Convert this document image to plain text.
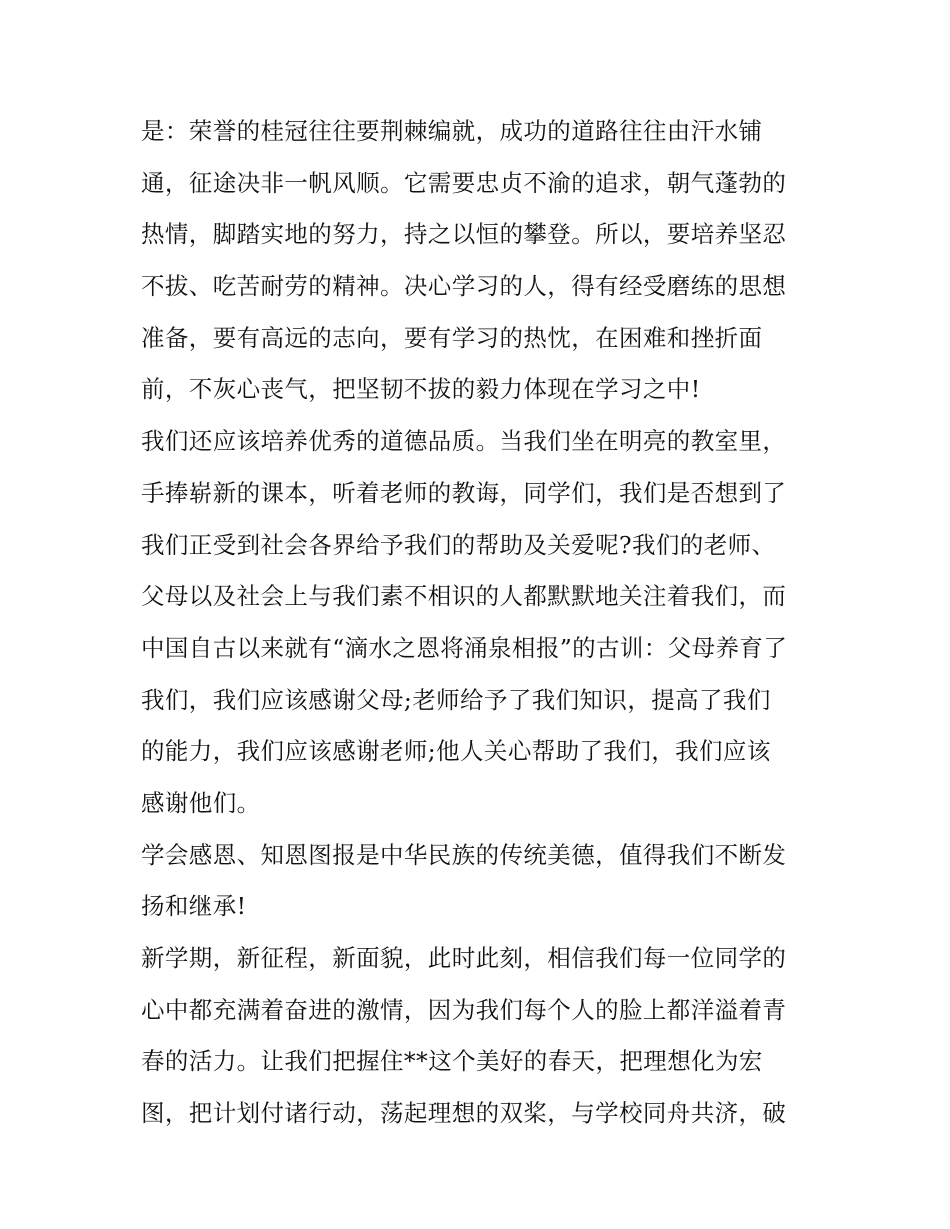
是：荣誉的桂冠往往要荆棘编就，成功的道路往往由汗水铺
通，征途决非一帆风顺。它需要忠贞不渝的追求，朝气蓬勃的
热情，脚踏实地的努力，持之以恒的攀登。所以，要培养坚忍
不拔、吃苦耐劳的精神。决心学习的人，得有经受磨练的思想
准备，要有高远的志向，要有学习的热忱，在困难和挫折面
前，不灰心丧气，把坚韧不拔的毅力体现在学习之中!
我们还应该培养优秀的道德品质。当我们坐在明亮的教室里，
手捧崭新的课本，听着老师的教诲，同学们，我们是否想到了
我们正受到社会各界给予我们的帮助及关爱呢?我们的老师、
父母以及社会上与我们素不相识的人都默默地关注着我们，而
中国自古以来就有“滴水之恩将涌泉相报”的古训：父母养育了
我们，我们应该感谢父母;老师给予了我们知识，提高了我们
的能力，我们应该感谢老师;他人关心帮助了我们，我们应该
感谢他们。
学会感恩、知恩图报是中华民族的传统美德，值得我们不断发
扬和继承!
新学期，新征程，新面貌，此时此刻，相信我们每一位同学的
心中都充满着奋进的激情，因为我们每个人的脸上都洋溢着青
春的活力。让我们把握住**这个美好的春天，把理想化为宏
图，把计划付诸行动，荡起理想的双桨，与学校同舟共济，破
